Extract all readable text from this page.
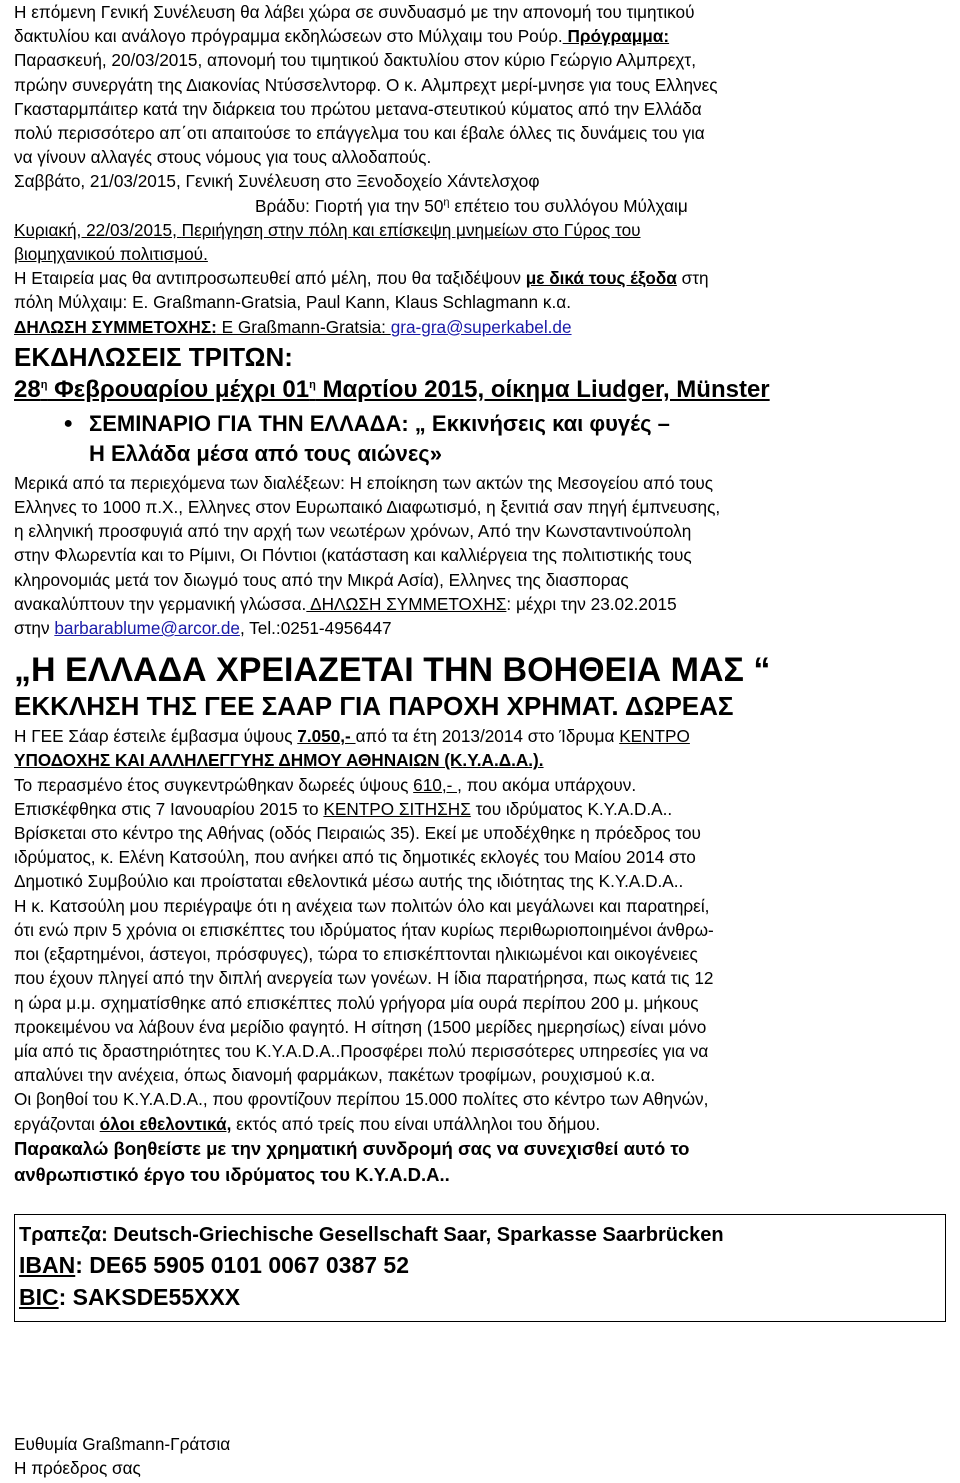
Η επόμενη Γενική Συνέλευση θα λάβει χώρα σε συνδυασμό με την απονομή του τιμητικού

δακτυλίου και ανάλογο πρόγραμμα εκδηλώσεων στο Μύλχαιμ του Ρούρ. Πρόγραμμα:

Παρασκευή, 20/03/2015, απονομή του τιμητικού δακτυλίου στον κύριο Γεώργιο Αλμπρεχτ,

πρώην συνεργάτη της Διακονίας Ντύσσελντορφ. Ο κ. Αλμπρεχτ μερί-μνησε για τους Ελληνες

Γκασταρμπάιτερ κατά την διάρκεια του πρώτου μετανα-στευτικού κύματος από την Ελλάδα

πολύ περισσότερο απ΄οτι απαιτούσε το επάγγελμα του και έβαλε όλλες τις δυνάμεις του για

να γίνουν αλλαγές στους νόμους για τους αλλοδαπούς.

Σαββάτο, 21/03/2015, Γενική Συνέλευση στο Ξενοδοχείο Χάντελσχοφ

Βράδυ: Γιορτή για την $50^\eta$ επέτειο του συλλόγου Μύλχαιμ

Κυριακή, 22/03/2015, Περιήγηση στην πόλη και επίσκεψη μνημείων στο Γύρος του

βιομηχανικού πολιτισμού.

Η Εταιρεία μας θα αντιπροσωπευθεί από μέλη, που θα ταξιδέψουν με δικά τους έξοδα στη

πόλη Μύλχαιμ: Ε. Graßmann-Gratsia, Paul Kann, Klaus Schlagmann κ.α.

ΔΗΛΩΣΗ ΣΥΜΜΕΤΟΧΗΣ: E Graßmann-Gratsia: gra-gra@superkabel.de

ΕΚΔΗΛΩΣΕΙΣ ΤΡΙΤΩΝ:

$28^\eta$ Φεβρουαρίου μέχρι $01^\eta$ Μαρτίου 2015, οίκημα Liudger, Münster

● ΣΕΜΙΝΑΡΙΟ ΓΙΑ ΤΗΝ ΕΛΛΑΔΑ: „ Εκκινήσεις και φυγές –

Η Ελλάδα μέσα από τους αιώνες»

Μερικά από τα περιεχόμενα των διαλέξεων: Η εποίκηση των ακτών της Μεσογείου από τους

Ελληνες το 1000 π.Χ., Ελληνες στον Ευρωπαικό Διαφωτισμό, η ξενιτιά σαν πηγή έμπνευσης,

η ελληνική προσφυγιά από την αρχή των νεωτέρων χρόνων, Από την Κωνσταντινούπολη

στην Φλωρεντία και το Ρίμινι, Οι Πόντιοι (κατάσταση και καλλιέργεια της πολιτιστικής τους

κληρονομιάς μετά τον διωγμό τους από την Μικρά Ασία), Ελληνες της διασπορας

ανακαλύπτουν την γερμανική γλώσσα. ΔΗΛΩΣΗ ΣΥΜΜΕΤΟΧΗΣ: μέχρι την 23.02.2015

στην barbarablume@arcor.de, Tel.:0251-4956447

„Η ΕΛΛΑΔΑ ΧΡΕΙΑΖΕΤΑΙ ΤΗΝ ΒΟΗΘΕΙΑ ΜΑΣ “

ΕΚΚΛΗΣΗ ΤΗΣ ΓΕΕ ΣΑΑΡ ΓΙΑ ΠΑΡΟΧΗ ΧΡΗΜΑΤ. ΔΩΡΕΑΣ

Η ΓΕΕ Σάαρ έστειλε έμβασμα ύψους 7.050,- από τα έτη 2013/2014 στο Ίδρυμα ΚΕΝΤΡΟ

ΥΠΟΔΟΧΗΣ ΚΑΙ ΑΛΛΗΛΕΓΓΥΗΣ ΔΗΜΟΥ ΑΘΗΝΑΙΩΝ (Κ.Υ.Α.Δ.Α.).

Το περασμένο έτος συγκεντρώθηκαν δωρεές ύψους 610,- , που ακόμα υπάρχουν.

Επισκέφθηκα στις 7 Ιανουαρίου 2015 το ΚΕΝΤΡΟ ΣΙΤΗΣΗΣ του ιδρύματος Κ.Υ.Α.D.A..

Βρίσκεται στο κέντρο της Αθήνας (οδός Πειραιώς 35). Εκεί με υποδέχθηκε η πρόεδρος του

ιδρύματος, κ. Ελένη Κατσούλη, που ανήκει από τις δημοτικές εκλογές του Μαίου 2014 στο

Δημοτικό Συμβούλιο και προίσταται εθελοντικά μέσω αυτής της ιδιότητας της Κ.Υ.Α.D.A..

Η κ. Κατσούλη μου περιέγραψε ότι η ανέχεια των πολιτών όλο και μεγάλωνει και παρατηρεί,

ότι ενώ πριν 5 χρόνια οι επισκέπτες του ιδρύματος ήταν κυρίως περιθωριοποιημένοι άνθρω-

ποι (εξαρτημένοι, άστεγοι, πρόσφυγες), τώρα το επισκέπτονται ηλικιωμένοι και οικογένειες

που έχουν πληγεί από την διπλή ανεργεία των γονέων. Η ίδια παρατήρησα, πως κατά τις 12

η ώρα μ.μ. σχηματίσθηκε από επισκέπτες πολύ γρήγορα μία ουρά περίπου 200 μ. μήκους

προκειμένου να λάβουν ένα μερίδιο φαγητό. Η σίτηση (1500 μερίδες ημερησίως) είναι μόνο

μία από τις δραστηριότητες του Κ.Υ.Α.D.A..Προσφέρει πολύ περισσότερες υπηρεσίες για να

απαλύνει την ανέχεια, όπως διανομή φαρμάκων, πακέτων τροφίμων, ρουχισμού κ.α.

Οι βοηθοί του Κ.Υ.Α.D.A., που φροντίζουν περίπου 15.000 πολίτες στο κέντρο των Αθηνών,

εργάζονται όλοι εθελοντικά, εκτός από τρείς που είναι υπάλληλοι του δήμου.

Παρακαλώ βοηθείστε με την χρηματική συνδρομή σας να συνεχισθεί αυτό το

ανθρωπιστικό έργο του ιδρύματος του Κ.Υ.Α.D.A..

Τραπεζα: Deutsch-Griechische Gesellschaft Saar, Sparkasse Saarbrücken

IBAN: DE65 5905 0101 0067 0387 52

BIC: SAKSDE55XXX

Ευθυμία Graßmann-Γράτσια

Η πρόεδρος σας
